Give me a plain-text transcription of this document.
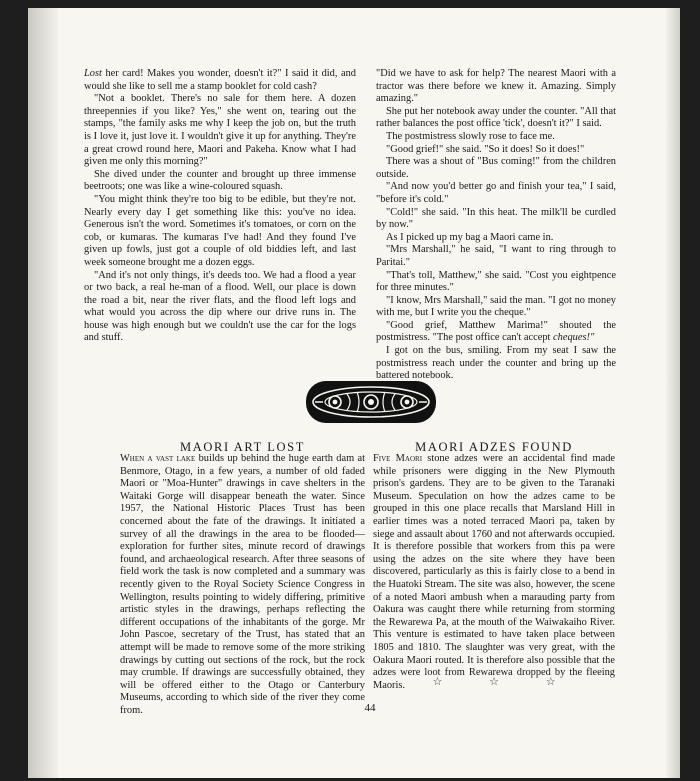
Lost her card! Makes you wonder, doesn't it?" I said it did, and would she like to sell me a stamp booklet for cold cash?

"Not a booklet. There's no sale for them here. A dozen threepennies if you like? Yes," she went on, tearing out the stamps, "the family asks me why I keep the job on, but the truth is I love it, just love it. I wouldn't give it up for anything. They're a great crowd round here, Maori and Pakeha. Know what I had given me only this morning?"

She dived under the counter and brought up three immense beetroots; one was like a wine-coloured squash.

"You might think they're too big to be edible, but they're not. Nearly every day I get something like this: you've no idea. Generous isn't the word. Sometimes it's tomatoes, or corn on the cob, or kumaras. The kumaras I've had! And they found I've given up fowls, just got a couple of old biddies left, and last week someone brought me a dozen eggs.

"And it's not only things, it's deeds too. We had a flood a year or two back, a real he-man of a flood. Well, our place is down the road a bit, near the river flats, and the flood left logs and what would you across the dip where our drive runs in. The house was high enough but we couldn't use the car for the logs and stuff.

"Did we have to ask for help? The nearest Maori with a tractor was there before we knew it. Amazing. Simply amazing."

She put her notebook away under the counter. "All that rather balances the post office 'tick', doesn't it?" I said.

The postmistress slowly rose to face me.

"Good grief!" she said. "So it does! So it does!"

There was a shout of "Bus coming!" from the children outside.

"And now you'd better go and finish your tea," I said, "before it's cold."

"Cold!" she said. "In this heat. The milk'll be curdled by now."

As I picked up my bag a Maori came in.

"Mrs Marshall," he said, "I want to ring through to Paritai."

"That's toll, Matthew," she said. "Cost you eightpence for three minutes."

"I know, Mrs Marshall," said the man. "I got no money with me, but I write you the cheque."

"Good grief, Matthew Marima!" shouted the postmistress. "The post office can't accept cheques!"

I got on the bus, smiling. From my seat I saw the postmistress reach under the counter and bring up the battered notebook.

MAORI ART LOST	MAORI ADZES FOUND

When a vast lake builds up behind the huge earth dam at Benmore, Otago, in a few years, a number of old faded Maori or "Moa-Hunter" drawings in cave shelters in the Waitaki Gorge will disappear beneath the water. Since 1957, the National Historic Places Trust has been concerned about the fate of the drawings. It initiated a survey of all the drawings in the area to be flooded—exploration for further sites, minute record of drawings found, and archaeological research. After three seasons of field work the task is now completed and a summary was recently given to the Royal Society Science Congress in Wellington, results pointing to widely differing, primitive artistic styles in the drawings, perhaps reflecting the different occupations of the inhabitants of the gorge. Mr John Pascoe, secretary of the Trust, has stated that an attempt will be made to remove some of the more striking drawings by cutting out sections of the rock, but the rock may crumble. If drawings are successfully obtained, they will be offered either to the Otago or Canterbury Museums, according to which side of the river they come from.

Five Maori stone adzes were an accidental find made while prisoners were digging in the New Plymouth prison's gardens. They are to be given to the Taranaki Museum. Speculation on how the adzes came to be grouped in this one place recalls that Marsland Hill in earlier times was a noted terraced Maori pa, taken by siege and assault about 1760 and not afterwards occupied. It is therefore possible that workers from this pa were using the adzes on the site where they have been discovered, particularly as this is fairly close to a bend in the Huatoki Stream. The site was also, however, the scene of a noted Maori ambush when a marauding party from Oakura was caught there while returning from storming the Rewarewa Pa, at the mouth of the Waiwakaiho River. This venture is estimated to have taken place between 1805 and 1810. The slaughter was very great, with the Oakura Maori routed. It is therefore also possible that the adzes were loot from Rewarewa dropped by the fleeing Maoris.	☆	☆	☆
44
